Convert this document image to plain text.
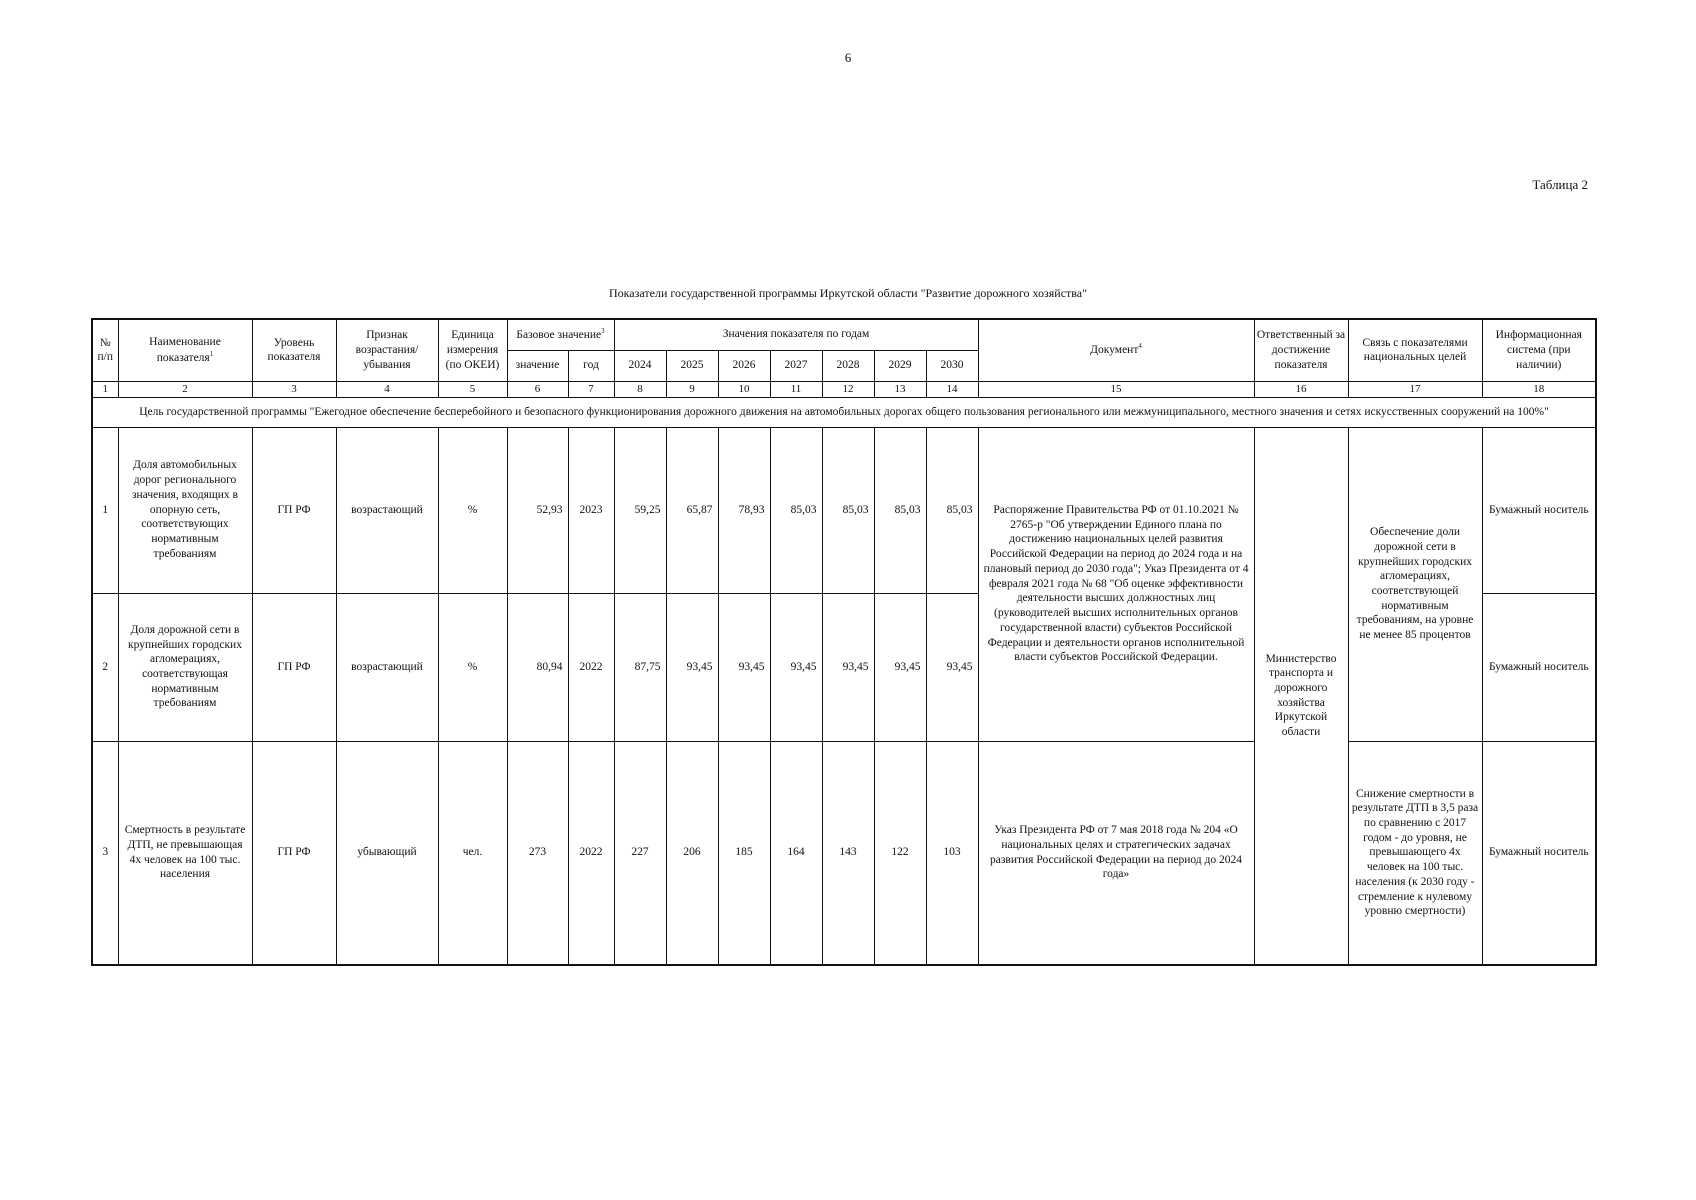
6
Таблица 2
Показатели государственной программы Иркутской области "Развитие дорожного хозяйства"
№ п/п	Наименование показателя$^1$	Уровень показателя	Признак возрастания/убывания	Единица измерения (по ОКЕИ)	Базовое значение$^3$		Значения показателя по годам							Документ$^4$	Ответственный за достижение показателя	Связь с показателями национальных целей	Информационная система (при наличии)
					значение	год	2024	2025	2026	2027	2028	2029	2030				
1	2	3	4	5	6	7	8	9	10	11	12	13	14	15	16	17	18
Цель государственной программы "Ежегодное обеспечение бесперебойного и безопасного функционирования дорожного движения на автомобильных дорогах общего пользования регионального или межмуниципального, местного значения и сетях искусственных сооружений на 100%"																	
1	Доля автомобильных дорог регионального значения, входящих в опорную сеть, соответствующих нормативным требованиям	ГП РФ	возрастающий	%	52,93	2023	59,25	65,87	78,93	85,03	85,03	85,03	85,03	Распоряжение Правительства РФ от 01.10.2021 № 2765-р "Об утверждении Единого плана по достижению национальных целей развития Российской Федерации на период до 2024 года и на плановый период до 2030 года"; Указ Президента от 4 февраля 2021 года № 68 "Об оценке эффективности деятельности высших должностных лиц (руководителей высших исполнительных органов государственной власти) субъектов Российской Федерации и деятельности органов исполнительной власти субъектов Российской Федерации.	Министерство транспорта и дорожного хозяйства Иркутской области	Обеспечение доли дорожной сети в крупнейших городских агломерациях, соответствующей нормативным требованиям, на уровне не менее 85 процентов	Бумажный носитель
2	Доля дорожной сети в крупнейших городских агломерациях, соответствующая нормативным требованиям	ГП РФ	возрастающий	%	80,94	2022	87,75	93,45	93,45	93,45	93,45	93,45	93,45				Бумажный носитель
3	Смертность в результате ДТП, не превышающая 4х человек на 100 тыс. населения	ГП РФ	убывающий	чел.	273	2022	227	206	185	164	143	122	103	Указ Президента РФ от 7 мая 2018 года № 204 «О национальных целях и стратегических задачах развития Российской Федерации на период до 2024 года»		Снижение смертности в результате ДТП в 3,5 раза по сравнению с 2017 годом - до уровня, не превышающего 4х человек на 100 тыс. населения (к 2030 году - стремление к нулевому уровню смертности)	Бумажный носитель
